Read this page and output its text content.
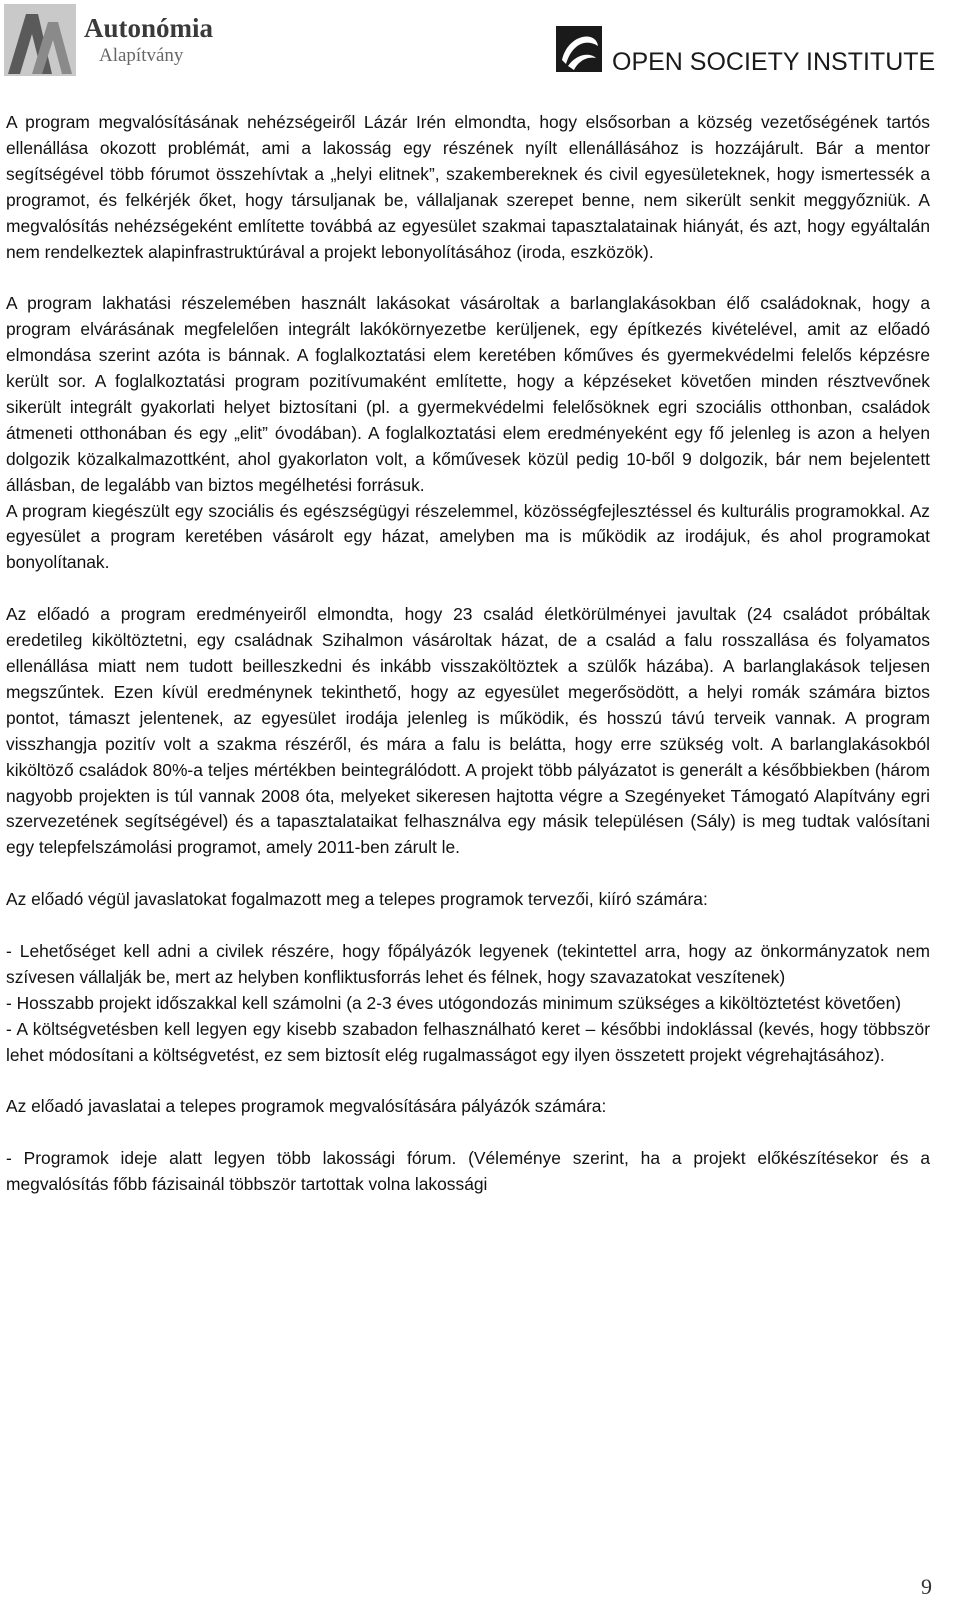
Autonómia
Alapítvány	OPEN SOCIETY INSTITUTE

A program megvalósításának nehézségeiről Lázár Irén elmondta, hogy elsősorban a község vezetőségének tartós ellenállása okozott problémát, ami a lakosság egy részének nyílt ellenállásához is hozzájárult. Bár a mentor segítségével több fórumot összehívtak a „helyi elitnek”, szakembereknek és civil egyesületeknek, hogy ismertessék a programot, és felkérjék őket, hogy társuljanak be, vállaljanak szerepet benne, nem sikerült senkit meggyőzniük. A megvalósítás nehézségeként említette továbbá az egyesület szakmai tapasztalatainak hiányát, és azt, hogy egyáltalán nem rendelkeztek alapinfrastruktúrával a projekt lebonyolításához (iroda, eszközök).

A program lakhatási részelemében használt lakásokat vásároltak a barlanglakásokban élő családoknak, hogy a program elvárásának megfelelően integrált lakókörnyezetbe kerüljenek, egy építkezés kivételével, amit az előadó elmondása szerint azóta is bánnak. A foglalkoztatási elem keretében kőműves és gyermekvédelmi felelős képzésre került sor. A foglalkoztatási program pozitívumaként említette, hogy a képzéseket követően minden résztvevőnek sikerült integrált gyakorlati helyet biztosítani (pl. a gyermekvédelmi felelősöknek egri szociális otthonban, családok átmeneti otthonában és egy „elit” óvodában). A foglalkoztatási elem eredményeként egy fő jelenleg is azon a helyen dolgozik közalkalmazottként, ahol gyakorlaton volt, a kőművesek közül pedig 10-ből 9 dolgozik, bár nem bejelentett állásban, de legalább van biztos megélhetési forrásuk.

A program kiegészült egy szociális és egészségügyi részelemmel, közösségfejlesztéssel és kulturális programokkal. Az egyesület a program keretében vásárolt egy házat, amelyben ma is működik az irodájuk, és ahol programokat bonyolítanak.

Az előadó a program eredményeiről elmondta, hogy 23 család életkörülményei javultak (24 családot próbáltak eredetileg kiköltöztetni, egy családnak Szihalmon vásároltak házat, de a család a falu rosszallása és folyamatos ellenállása miatt nem tudott beilleszkedni és inkább visszaköltöztek a szülők házába). A barlanglakások teljesen megszűntek. Ezen kívül eredménynek tekinthető, hogy az egyesület megerősödött, a helyi romák számára biztos pontot, támaszt jelentenek, az egyesület irodája jelenleg is működik, és hosszú távú terveik vannak. A program visszhangja pozitív volt a szakma részéről, és mára a falu is belátta, hogy erre szükség volt. A barlanglakásokból kiköltöző családok 80%-a teljes mértékben beintegrálódott. A projekt több pályázatot is generált a későbbiekben (három nagyobb projekten is túl vannak 2008 óta, melyeket sikeresen hajtotta végre a Szegényeket Támogató Alapítvány egri szervezetének segítségével) és a tapasztalataikat felhasználva egy másik településen (Sály) is meg tudtak valósítani egy telepfelszámolási programot, amely 2011-ben zárult le.

Az előadó végül javaslatokat fogalmazott meg a telepes programok tervezői, kiíró számára:

- Lehetőséget kell adni a civilek részére, hogy főpályázók legyenek (tekintettel arra, hogy az önkormányzatok nem szívesen vállalják be, mert az helyben konfliktusforrás lehet és félnek, hogy szavazatokat veszítenek)

- Hosszabb projekt időszakkal kell számolni (a 2-3 éves utógondozás minimum szükséges a kiköltöztetést követően)

- A költségvetésben kell legyen egy kisebb szabadon felhasználható keret – későbbi indoklással (kevés, hogy többször lehet módosítani a költségvetést, ez sem biztosít elég rugalmasságot egy ilyen összetett projekt végrehajtásához).

Az előadó javaslatai a telepes programok megvalósítására pályázók számára:

- Programok ideje alatt legyen több lakossági fórum. (Véleménye szerint, ha a projekt előkészítésekor és a megvalósítás főbb fázisainál többször tartottak volna lakossági

9
